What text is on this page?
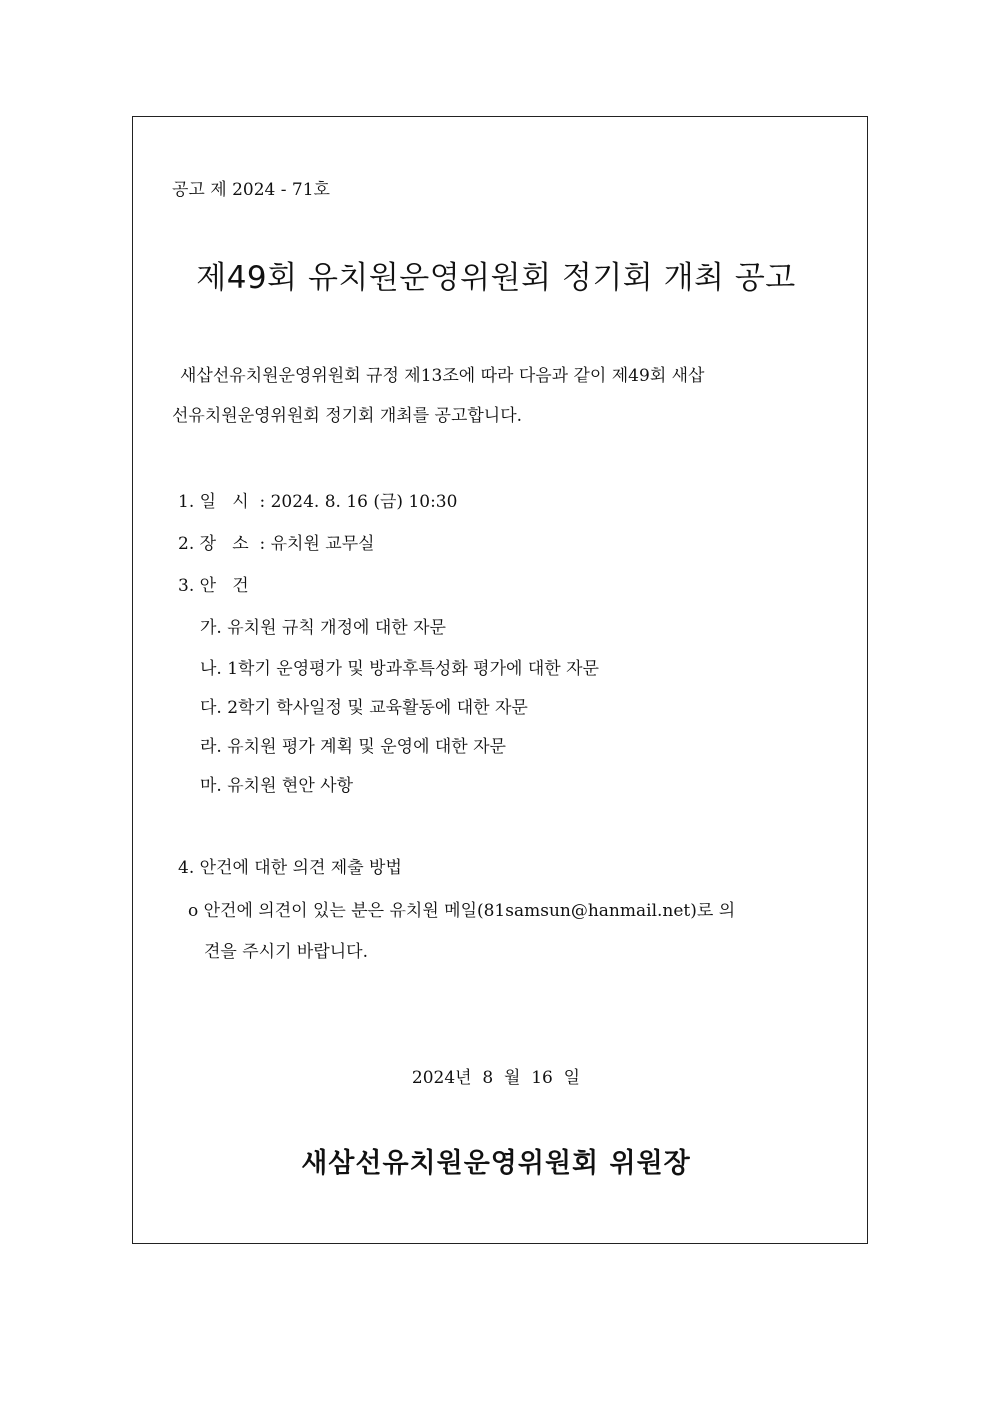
공고 제 2024 - 71호
제49회 유치원운영위원회 정기회 개최 공고
새삽선유치원운영위원회 규정 제13조에 따라 다음과 같이 제49회 새삽
선유치원운영위원회 정기회 개최를 공고합니다.
1. 일   시  : 2024. 8. 16 (금) 10:30
2. 장   소  : 유치원 교무실
3. 안   건
가. 유치원 규칙 개정에 대한 자문
나. 1학기 운영평가 및 방과후특성화 평가에 대한 자문
다. 2학기 학사일정 및 교육활동에 대한 자문
라. 유치원 평가 계획 및 운영에 대한 자문
마. 유치원 현안 사항
4. 안건에 대한 의견 제출 방법
o 안건에 의견이 있는 분은 유치원 메일(81samsun@hanmail.net)로 의
견을 주시기 바랍니다.
2024년  8  월  16  일
새삼선유치원운영위원회 위원장
